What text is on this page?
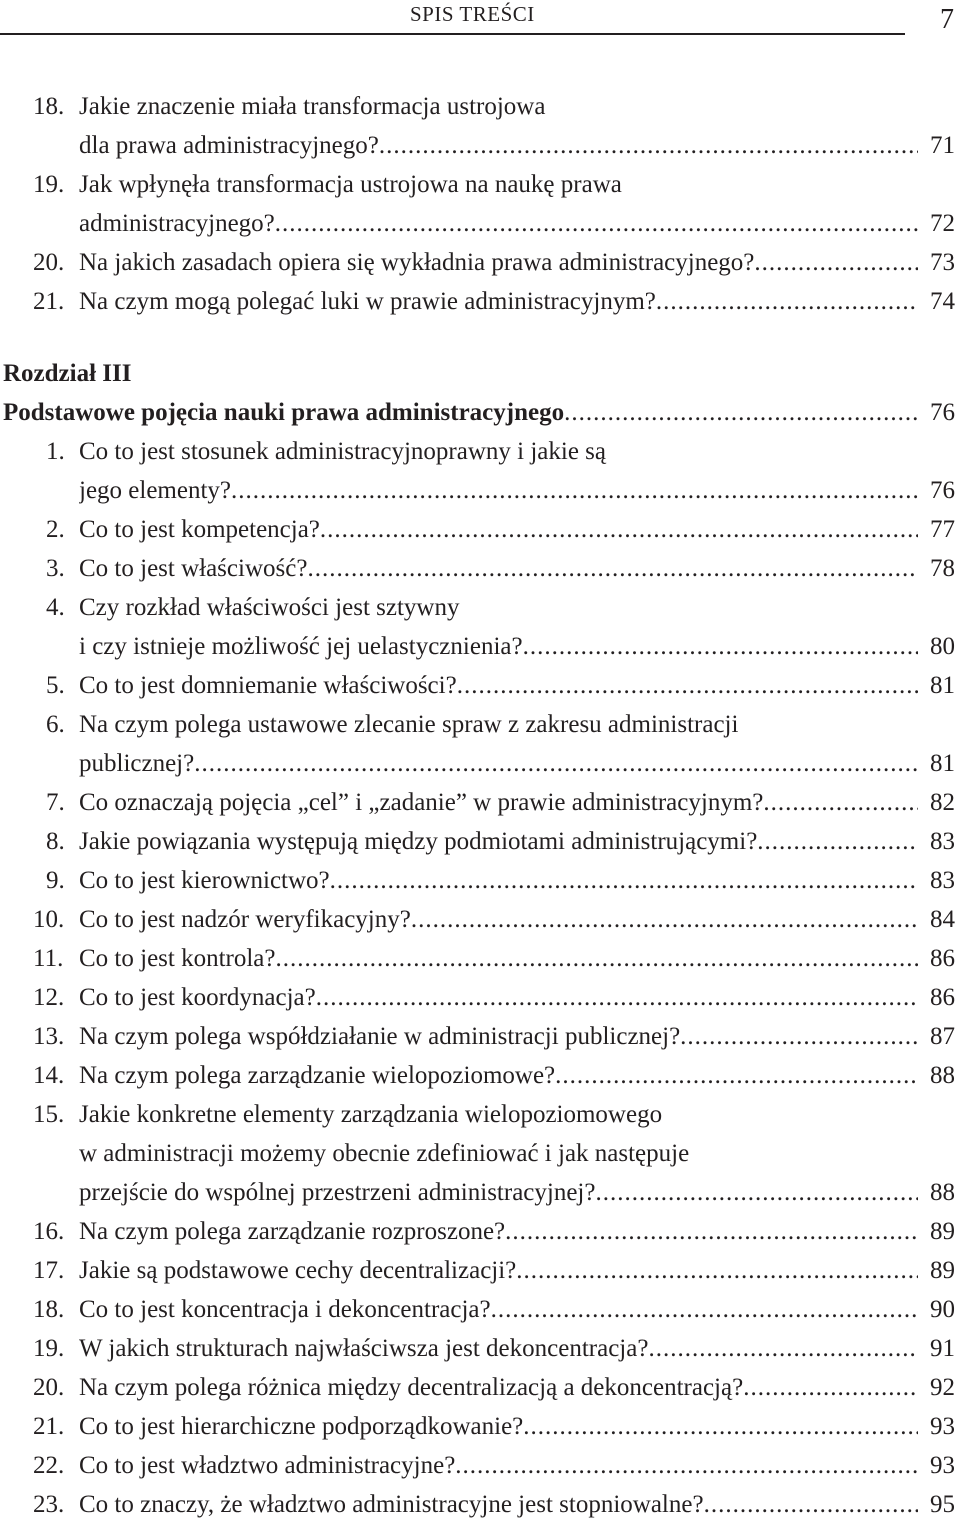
SPIS TREŚCI	7
18. Jakie znaczenie miała transformacja ustrojowa
dla prawa administracyjnego? .....	71
19. Jak wpłynęła transformacja ustrojowa na naukę prawa
administracyjnego? .....	72
20. Na jakich zasadach opiera się wykładnia prawa administracyjnego? .....	73
21. Na czym mogą polegać luki w prawie administracyjnym? .....	74
Rozdział III
Podstawowe pojęcia nauki prawa administracyjnego .....	76
1. Co to jest stosunek administracyjnoprawny i jakie są
jego elementy? .....	76
2. Co to jest kompetencja? .....	77
3. Co to jest właściwość? .....	78
4. Czy rozkład właściwości jest sztywny
i czy istnieje możliwość jej uelastycznienia? .....	80
5. Co to jest domniemanie właściwości? .....	81
6. Na czym polega ustawowe zlecanie spraw z zakresu administracji
publicznej? .....	81
7. Co oznaczają pojęcia „cel” i „zadanie” w prawie administracyjnym? .....	82
8. Jakie powiązania występują między podmiotami administrującymi? .....	83
9. Co to jest kierownictwo? .....	83
10. Co to jest nadzór weryfikacyjny? .....	84
11. Co to jest kontrola? .....	86
12. Co to jest koordynacja? .....	86
13. Na czym polega współdziałanie w administracji publicznej? .....	87
14. Na czym polega zarządzanie wielopoziomowe? .....	88
15. Jakie konkretne elementy zarządzania wielopoziomowego
w administracji możemy obecnie zdefiniować i jak następuje
przejście do wspólnej przestrzeni administracyjnej? .....	88
16. Na czym polega zarządzanie rozproszone? .....	89
17. Jakie są podstawowe cechy decentralizacji? .....	89
18. Co to jest koncentracja i dekoncentracja? .....	90
19. W jakich strukturach najwłaściwsza jest dekoncentracja? .....	91
20. Na czym polega różnica między decentralizacją a dekoncentracją? .....	92
21. Co to jest hierarchiczne podporządkowanie? .....	93
22. Co to jest władztwo administracyjne? .....	93
23. Co to znaczy, że władztwo administracyjne jest stopniowalne? .....	95
